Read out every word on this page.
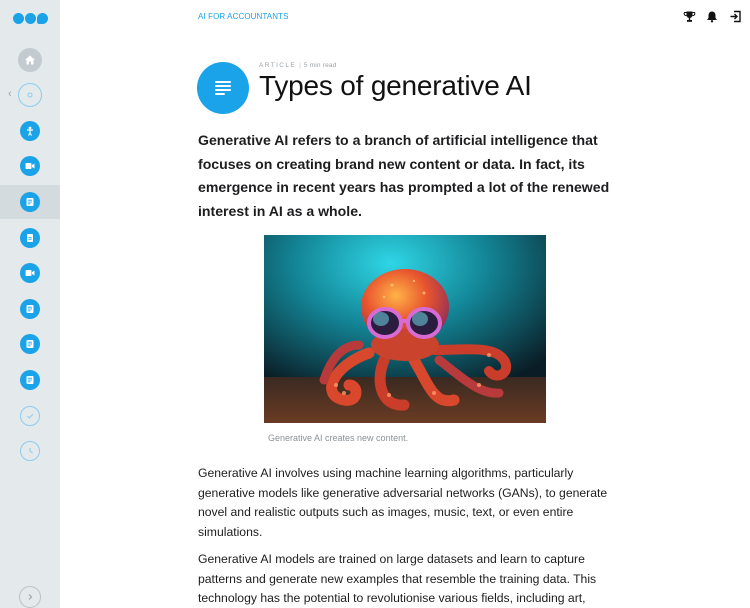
‹
AI FOR ACCOUNTANTS
ARTICLE | 5 min read
Types of generative AI

Generative AI refers to a branch of artificial intelligence that focuses on creating brand new content or data. In fact, its emergence in recent years has prompted a lot of the renewed interest in AI as a whole.

Generative AI creates new content.

Generative AI involves using machine learning algorithms, particularly generative models like generative adversarial networks (GANs), to generate novel and realistic outputs such as images, music, text, or even entire simulations.

Generative AI models are trained on large datasets and learn to capture patterns and generate new examples that resemble the training data. This technology has the potential to revolutionise various fields, including art,
